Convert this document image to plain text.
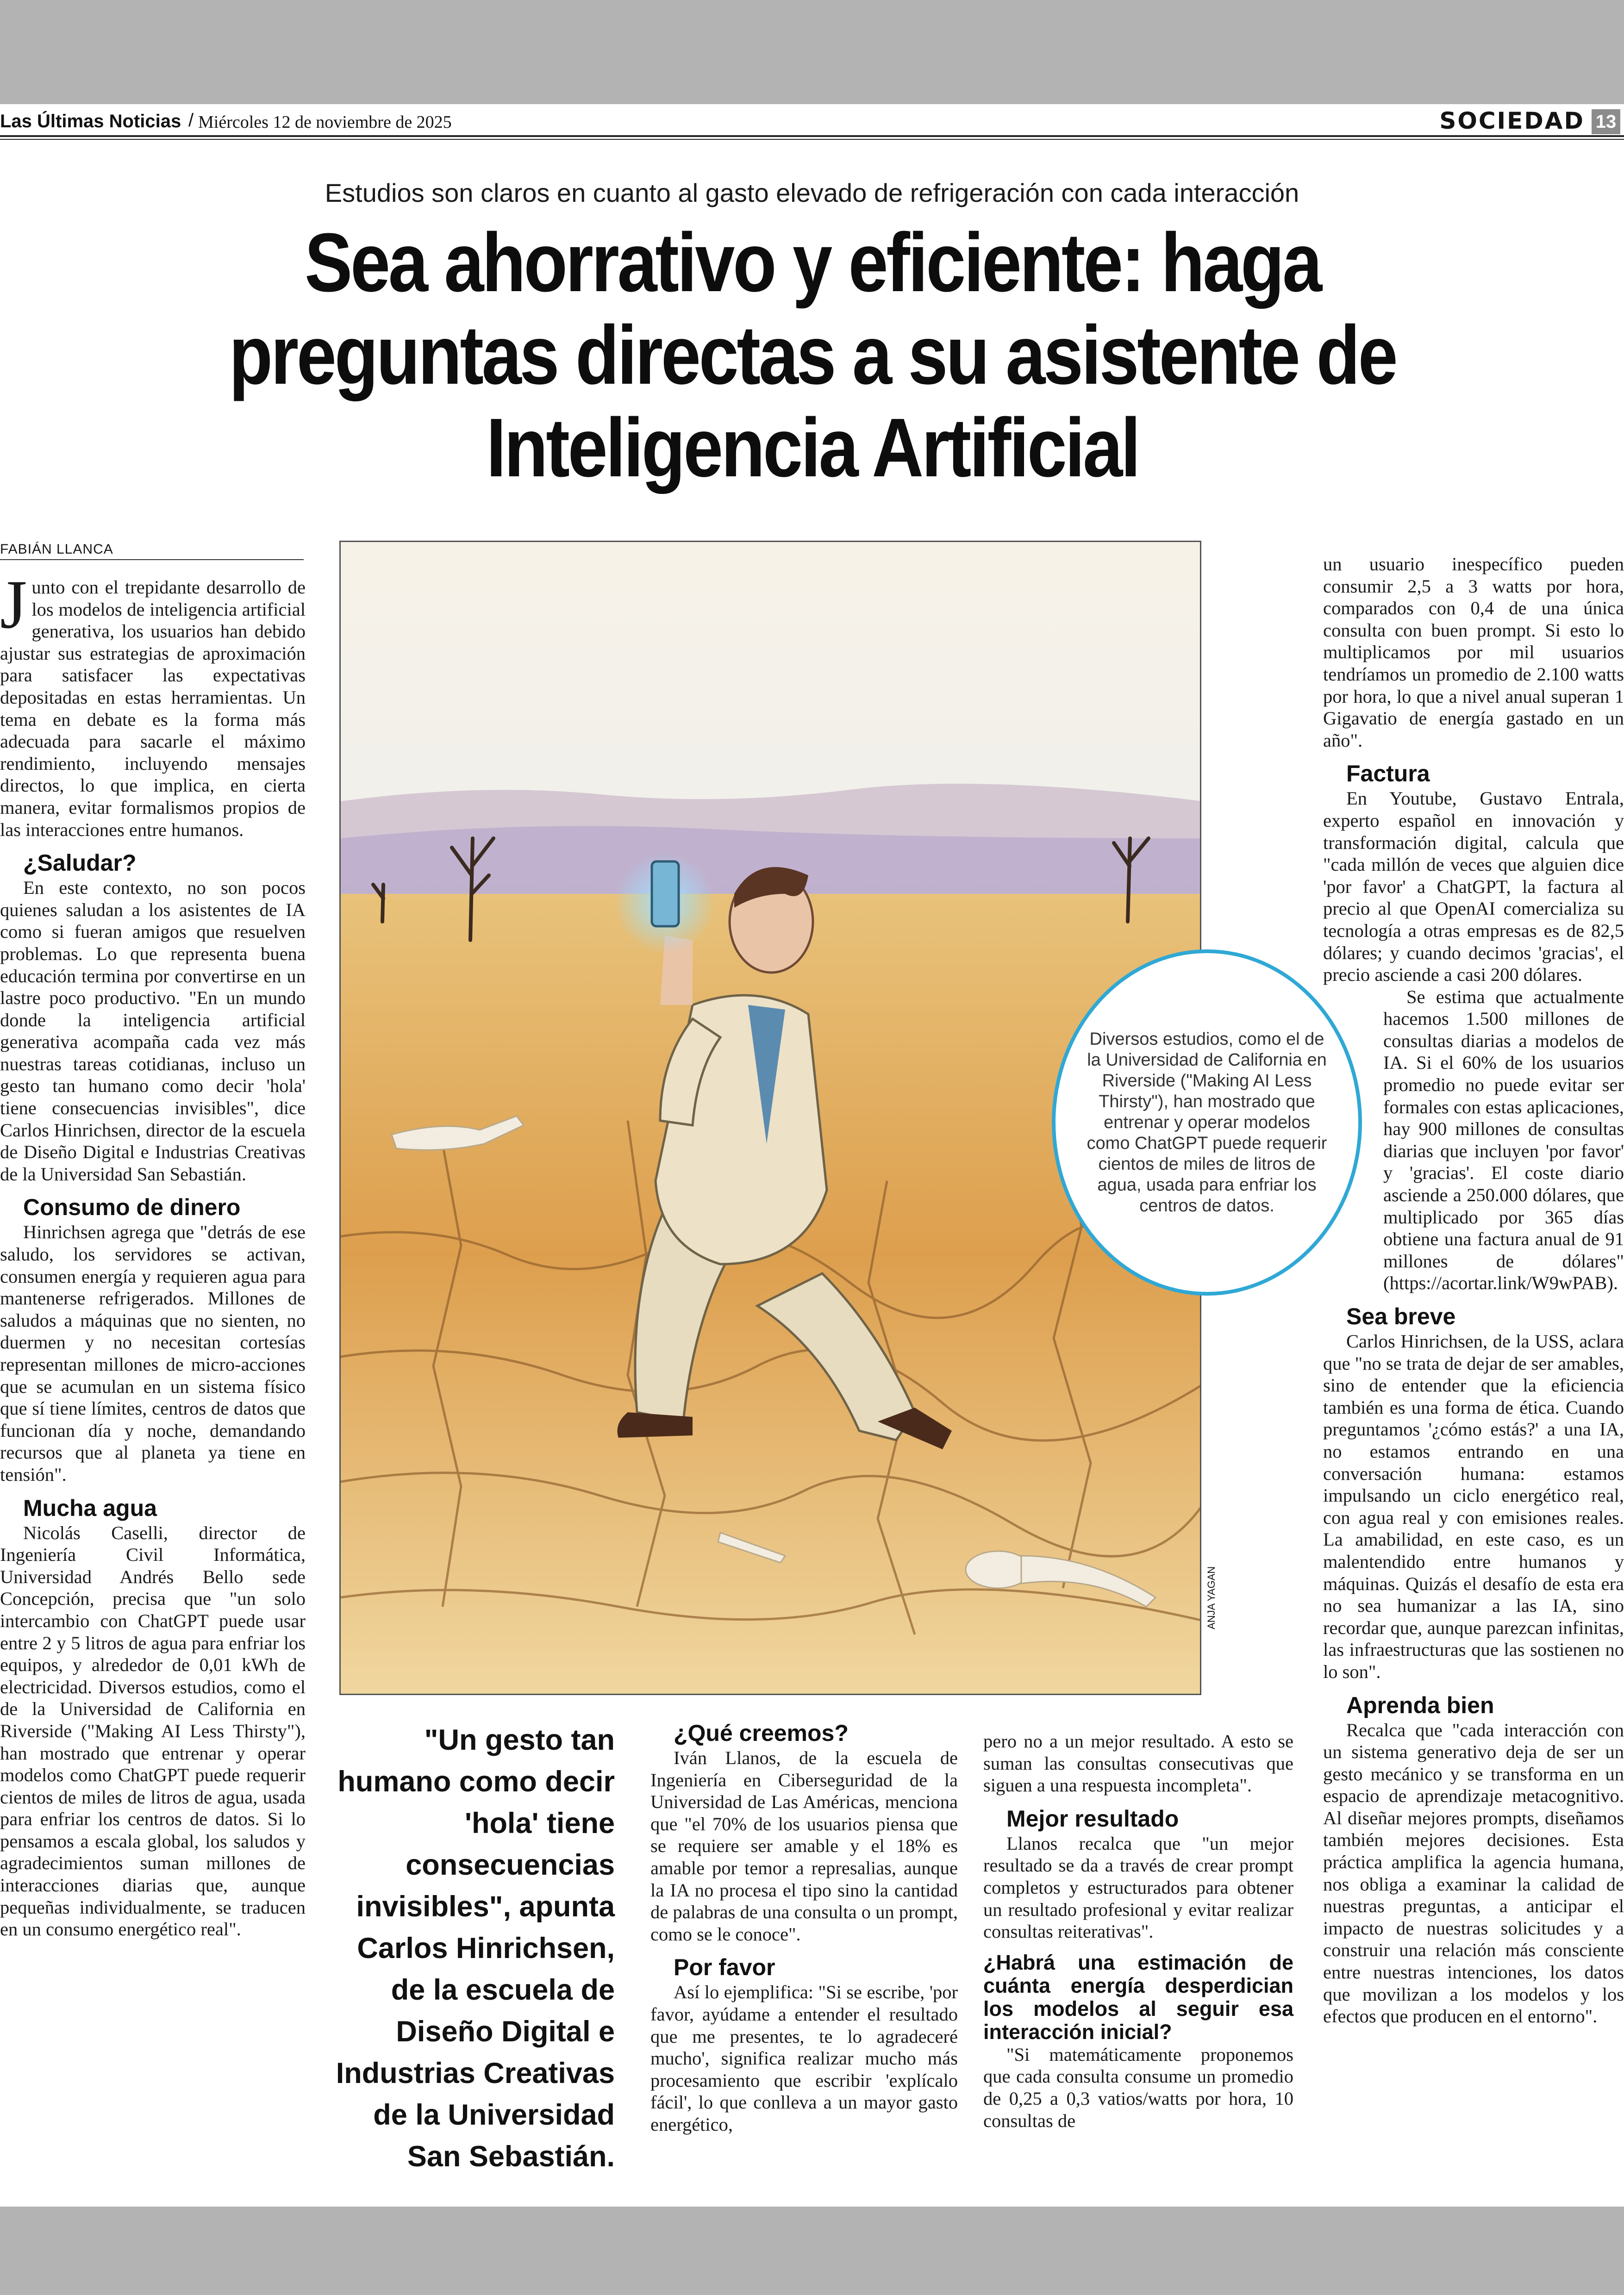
Las Últimas Noticias / Miércoles 12 de noviembre de 2025	SOCIEDAD 13
Estudios son claros en cuanto al gasto elevado de refrigeración con cada interacción
Sea ahorrativo y eficiente: haga
preguntas directas a su asistente de
Inteligencia Artificial
FABIÁN LLANCA

Junto con el trepidante desarrollo de los modelos de inteligencia artificial generativa, los usuarios han debido ajustar sus estrategias de aproximación para satisfacer las expectativas depositadas en estas herramientas. Un tema en debate es la forma más adecuada para sacarle el máximo rendimiento, incluyendo mensajes directos, lo que implica, en cierta manera, evitar formalismos propios de las interacciones entre humanos.

¿Saludar?

En este contexto, no son pocos quienes saludan a los asistentes de IA como si fueran amigos que resuelven problemas. Lo que representa buena educación termina por convertirse en un lastre poco productivo. "En un mundo donde la inteligencia artificial generativa acompaña cada vez más nuestras tareas cotidianas, incluso un gesto tan humano como decir 'hola' tiene consecuencias invisibles", dice Carlos Hinrichsen, director de la escuela de Diseño Digital e Industrias Creativas de la Universidad San Sebastián.

Consumo de dinero

Hinrichsen agrega que "detrás de ese saludo, los servidores se activan, consumen energía y requieren agua para mantenerse refrigerados. Millones de saludos a máquinas que no sienten, no duermen y no necesitan cortesías representan millones de micro-acciones que se acumulan en un sistema físico que sí tiene límites, centros de datos que funcionan día y noche, demandando recursos que al planeta ya tiene en tensión".

Mucha agua

Nicolás Caselli, director de Ingeniería Civil Informática, Universidad Andrés Bello sede Concepción, precisa que "un solo intercambio con ChatGPT puede usar entre 2 y 5 litros de agua para enfriar los equipos, y alrededor de 0,01 kWh de electricidad. Diversos estudios, como el de la Universidad de California en Riverside ("Making AI Less Thirsty"), han mostrado que entrenar y operar modelos como ChatGPT puede requerir cientos de miles de litros de agua, usada para enfriar los centros de datos. Si lo pensamos a escala global, los saludos y agradecimientos suman millones de interacciones diarias que, aunque pequeñas individualmente, se traducen en un consumo energético real".

ANJA YAGAN
Diversos estudios, como el de la Universidad de California en Riverside ("Making AI Less Thirsty"), han mostrado que entrenar y operar modelos como ChatGPT puede requerir cientos de miles de litros de agua, usada para enfriar los centros de datos.
"Un gesto tan humano como decir 'hola' tiene consecuencias invisibles", apunta Carlos Hinrichsen, de la escuela de Diseño Digital e Industrias Creativas de la Universidad San Sebastián.
¿Qué creemos?

Iván Llanos, de la escuela de Ingeniería en Ciberseguridad de la Universidad de Las Américas, menciona que "el 70% de los usuarios piensa que se requiere ser amable y el 18% es amable por temor a represalias, aunque la IA no procesa el tipo sino la cantidad de palabras de una consulta o un prompt, como se le conoce".

Por favor

Así lo ejemplifica: "Si se escribe, 'por favor, ayúdame a entender el resultado que me presentes, te lo agradeceré mucho', significa realizar mucho más procesamiento que escribir 'explícalo fácil', lo que conlleva a un mayor gasto energético,

pero no a un mejor resultado. A esto se suman las consultas consecutivas que siguen a una respuesta incompleta".

Mejor resultado

Llanos recalca que "un mejor resultado se da a través de crear prompt completos y estructurados para obtener un resultado profesional y evitar realizar consultas reiterativas".

¿Habrá una estimación de cuánta energía desperdician los modelos al seguir esa interacción inicial?

"Si matemáticamente proponemos que cada consulta consume un promedio de 0,25 a 0,3 vatios/watts por hora, 10 consultas de

un usuario inespecífico pueden consumir 2,5 a 3 watts por hora, comparados con 0,4 de una única consulta con buen prompt. Si esto lo multiplicamos por mil usuarios tendríamos un promedio de 2.100 watts por hora, lo que a nivel anual superan 1 Gigavatio de energía gastado en un año".

Factura

En Youtube, Gustavo Entrala, experto español en innovación y transformación digital, calcula que "cada millón de veces que alguien dice 'por favor' a ChatGPT, la factura al precio al que OpenAI comercializa su tecnología a otras empresas es de 82,5 dólares; y cuando decimos 'gracias', el precio asciende a casi 200 dólares.

Se estima que actualmente hacemos 1.500 millones de consultas diarias a modelos de IA. Si el 60% de los usuarios promedio no puede evitar ser formales con estas aplicaciones, hay 900 millones de consultas diarias que incluyen 'por favor' y 'gracias'. El coste diario asciende a 250.000 dólares, que multiplicado por 365 días obtiene una factura anual de 91 millones de dólares" (https://acortar.link/W9wPAB).

Sea breve

Carlos Hinrichsen, de la USS, aclara que "no se trata de dejar de ser amables, sino de entender que la eficiencia también es una forma de ética. Cuando preguntamos '¿cómo estás?' a una IA, no estamos entrando en una conversación humana: estamos impulsando un ciclo energético real, con agua real y con emisiones reales. La amabilidad, en este caso, es un malentendido entre humanos y máquinas. Quizás el desafío de esta era no sea humanizar a las IA, sino recordar que, aunque parezcan infinitas, las infraestructuras que las sostienen no lo son".

Aprenda bien

Recalca que "cada interacción con un sistema generativo deja de ser un gesto mecánico y se transforma en un espacio de aprendizaje metacognitivo. Al diseñar mejores prompts, diseñamos también mejores decisiones. Esta práctica amplifica la agencia humana, nos obliga a examinar la calidad de nuestras preguntas, a anticipar el impacto de nuestras solicitudes y a construir una relación más consciente entre nuestras intenciones, los datos que movilizan a los modelos y los efectos que producen en el entorno".
